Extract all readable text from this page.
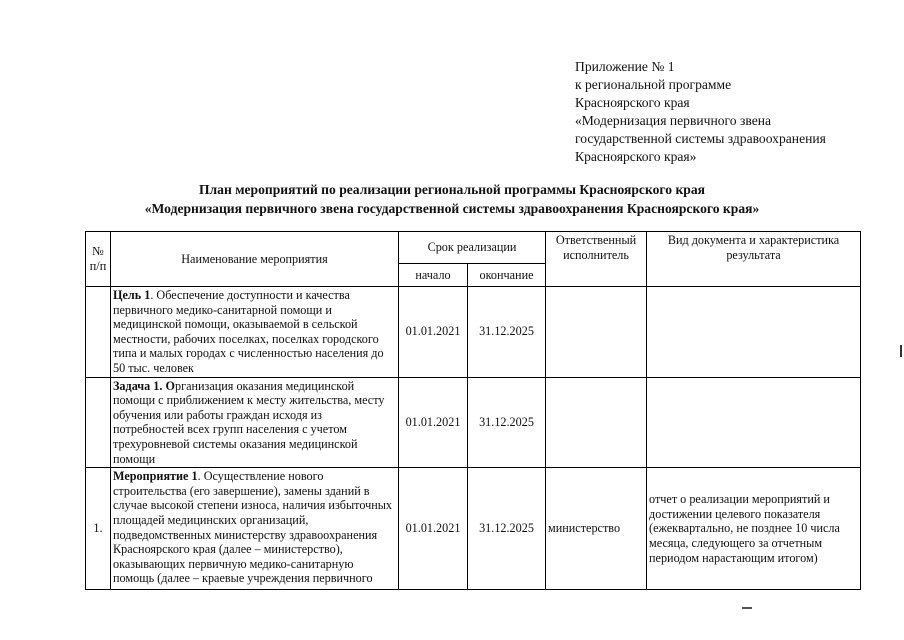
Приложение № 1
к региональной программе
Красноярского края
«Модернизация первичного звена
государственной системы здравоохранения
Красноярского края»
План мероприятий по реализации региональной программы Красноярского края
«Модернизация первичного звена государственной системы здравоохранения Красноярского края»
№ п/п	Наименование мероприятия	Срок реализации		Ответственный исполнитель	Вид документа и характеристика результата
		начало	окончание		
	Цель 1. Обеспечение доступности и качества первичного медико-санитарной помощи и медицинской помощи, оказываемой в сельской местности, рабочих поселках, поселках городского типа и малых городах с численностью населения до 50 тыс. человек	01.01.2021	31.12.2025		
	Задача 1. Организация оказания медицинской помощи с приближением к месту жительства, месту обучения или работы граждан исходя из потребностей всех групп населения с учетом трехуровневой системы оказания медицинской помощи	01.01.2021	31.12.2025		
1.	Мероприятие 1. Осуществление нового строительства (его завершение), замены зданий в случае высокой степени износа, наличия избыточных площадей медицинских организаций, подведомственных министерству здравоохранения Красноярского края (далее – министерство), оказывающих первичную медико-санитарную помощь (далее – краевые учреждения первичного	01.01.2021	31.12.2025	министерство	отчет о реализации мероприятий и достижении целевого показателя (ежеквартально, не позднее 10 числа месяца, следующего за отчетным периодом нарастающим итогом)
